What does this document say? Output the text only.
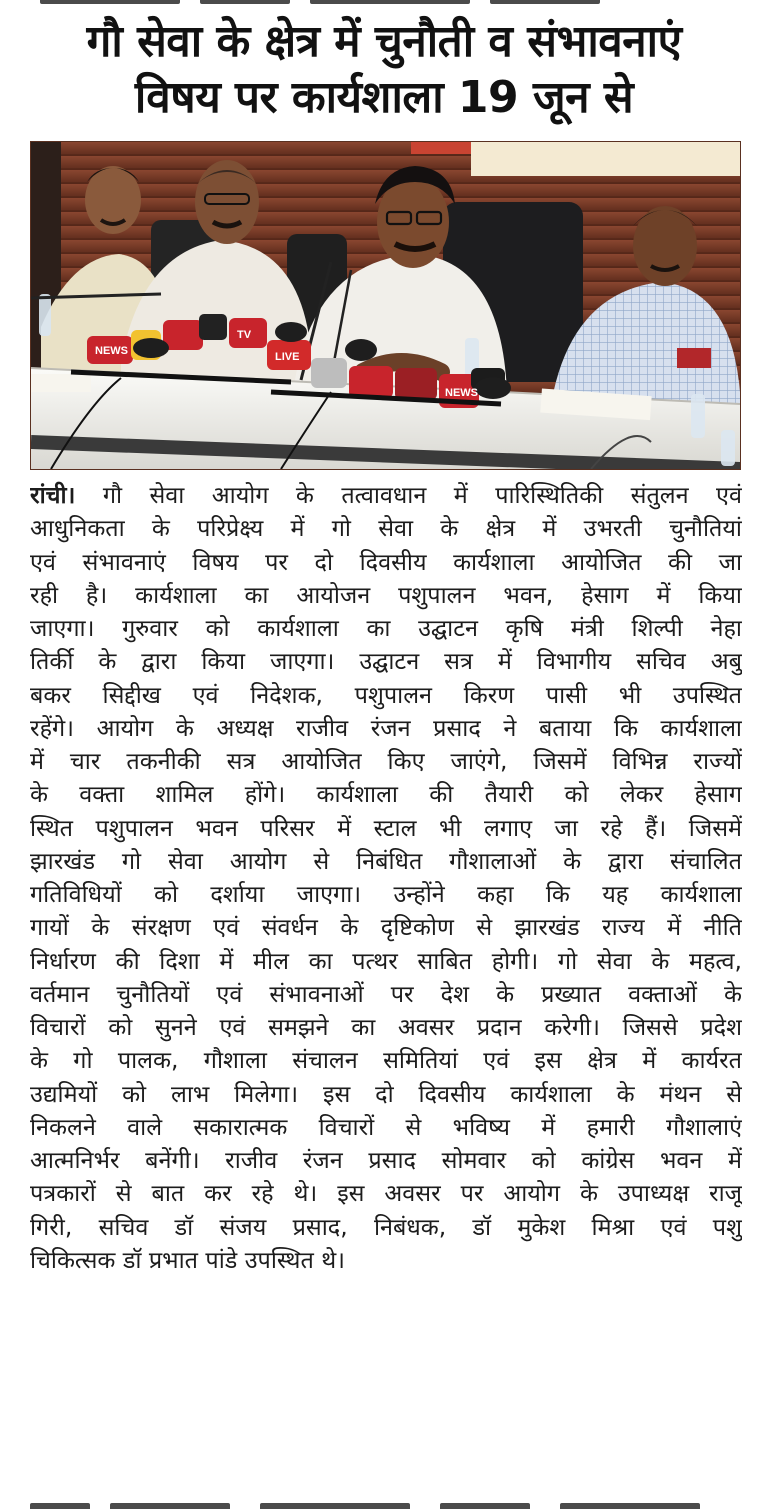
गौ सेवा के क्षेत्र में चुनौती व संभावनाएं
विषय पर कार्यशाला 19 जून से
NEWS
TV
LIVE
NEWS
रांची। गौ सेवा आयोग के तत्वावधान में पारिस्थितिकी संतुलन एवं
आधुनिकता के परिप्रेक्ष्य में गो सेवा के क्षेत्र में उभरती चुनौतियां
एवं संभावनाएं विषय पर दो दिवसीय कार्यशाला आयोजित की जा
रही है। कार्यशाला का आयोजन पशुपालन भवन, हेसाग में किया
जाएगा। गुरुवार को कार्यशाला का उद्घाटन कृषि मंत्री शिल्पी नेहा
तिर्की के द्वारा किया जाएगा। उद्घाटन सत्र में विभागीय सचिव अबु
बकर सिद्दीख एवं निदेशक, पशुपालन किरण पासी भी उपस्थित
रहेंगे। आयोग के अध्यक्ष राजीव रंजन प्रसाद ने बताया कि कार्यशाला
में चार तकनीकी सत्र आयोजित किए जाएंगे, जिसमें विभिन्न राज्यों
के वक्ता शामिल होंगे। कार्यशाला की तैयारी को लेकर हेसाग
स्थित पशुपालन भवन परिसर में स्टाल भी लगाए जा रहे हैं। जिसमें
झारखंड गो सेवा आयोग से निबंधित गौशालाओं के द्वारा संचालित
गतिविधियों को दर्शाया जाएगा। उन्होंने कहा कि यह कार्यशाला
गायों के संरक्षण एवं संवर्धन के दृष्टिकोण से झारखंड राज्य में नीति
निर्धारण की दिशा में मील का पत्थर साबित होगी। गो सेवा के महत्व,
वर्तमान चुनौतियों एवं संभावनाओं पर देश के प्रख्यात वक्ताओं के
विचारों को सुनने एवं समझने का अवसर प्रदान करेगी। जिससे प्रदेश
के गो पालक, गौशाला संचालन समितियां एवं इस क्षेत्र में कार्यरत
उद्यमियों को लाभ मिलेगा। इस दो दिवसीय कार्यशाला के मंथन से
निकलने वाले सकारात्मक विचारों से भविष्य में हमारी गौशालाएं
आत्मनिर्भर बनेंगी। राजीव रंजन प्रसाद सोमवार को कांग्रेस भवन में
पत्रकारों से बात कर रहे थे। इस अवसर पर आयोग के उपाध्यक्ष राजू
गिरी, सचिव डॉ संजय प्रसाद, निबंधक, डॉ मुकेश मिश्रा एवं पशु
चिकित्सक डॉ प्रभात पांडे उपस्थित थे।
